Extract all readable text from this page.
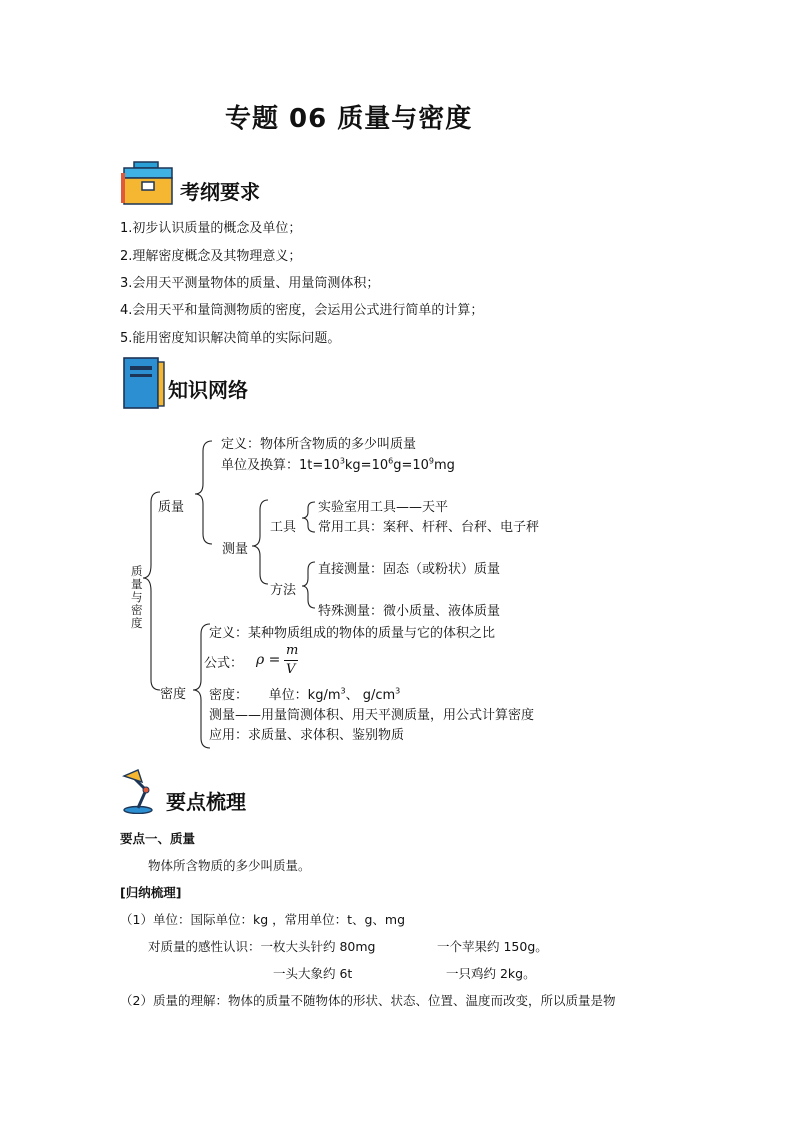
专题 06 质量与密度
考纲要求
1.初步认识质量的概念及单位；
2.理解密度概念及其物理意义；
3.会用天平测量物体的质量、用量筒测体积；
4.会用天平和量筒测物质的密度，会运用公式进行简单的计算；
5.能用密度知识解决简单的实际问题。
知识网络
质量与密度
质量
定义：物体所含物质的多少叫质量
单位及换算：$1t=10^3kg=10^6g=10^9mg$
测量
工具
实验室用工具——天平
常用工具：案秤、杆秤、台秤、电子秤
方法
直接测量：固态（或粉状）质量
特殊测量：微小质量、液体质量
密度
定义：某种物质组成的物体的质量与它的体积之比
公式： ρ =
m
V
密度：     单位：$kg/m^3$、 $g/cm^3$
测量——用量筒测体积、用天平测质量，用公式计算密度
应用：求质量、求体积、鉴别物质
要点梳理
要点一、质量
物体所含物质的多少叫质量。
[归纳梳理]
（1）单位：国际单位：kg ，常用单位：t、g、mg
对质量的感性认识：一枚大头针约 80mg	一个苹果约 150g。
一头大象约 6t	一只鸡约 2kg。
（2）质量的理解：物体的质量不随物体的形状、状态、位置、温度而改变，所以质量是物
